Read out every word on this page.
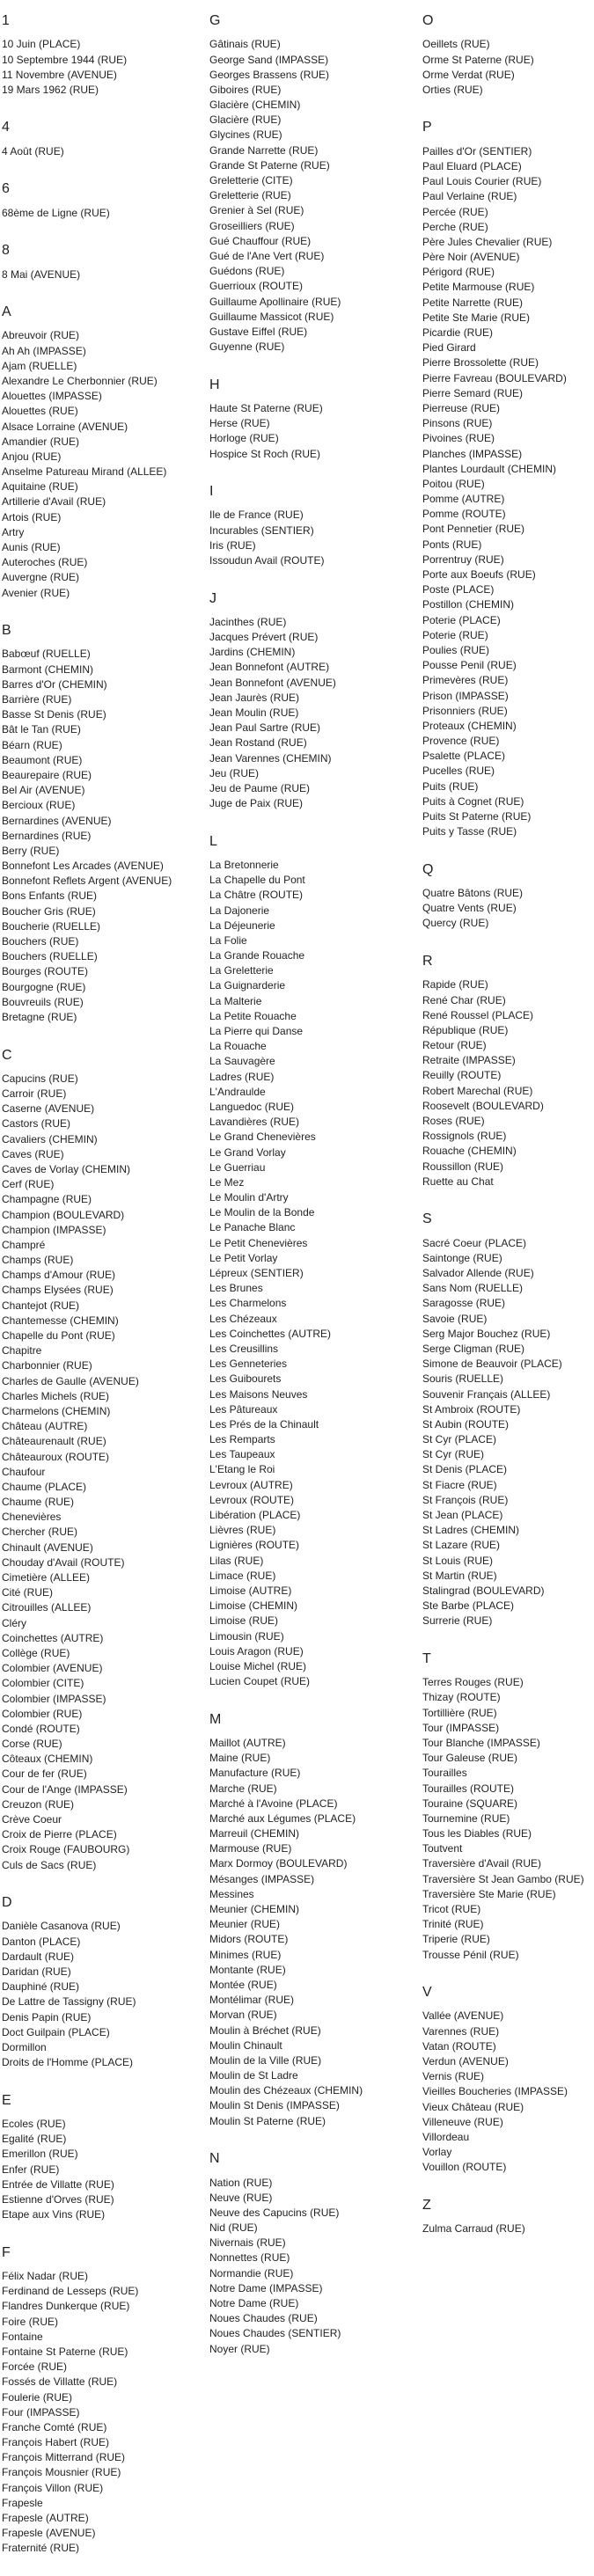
1
10 Juin (PLACE)
10 Septembre 1944 (RUE)
11 Novembre (AVENUE)
19 Mars 1962 (RUE)
4
4 Août (RUE)
6
68ème de Ligne (RUE)
8
8 Mai (AVENUE)
A
Abreuvoir (RUE)
Ah Ah (IMPASSE)
Ajam (RUELLE)
Alexandre Le Cherbonnier (RUE)
Alouettes (IMPASSE)
Alouettes (RUE)
Alsace Lorraine (AVENUE)
Amandier (RUE)
Anjou (RUE)
Anselme Patureau Mirand (ALLEE)
Aquitaine (RUE)
Artillerie d'Avail (RUE)
Artois (RUE)
Artry
Aunis (RUE)
Auteroches (RUE)
Auvergne (RUE)
Avenier (RUE)
B
Babœuf (RUELLE)
Barmont (CHEMIN)
Barres d'Or (CHEMIN)
Barrière (RUE)
Basse St Denis (RUE)
Bât le Tan (RUE)
Béarn (RUE)
Beaumont (RUE)
Beaurepaire (RUE)
Bel Air (AVENUE)
Bercioux (RUE)
Bernardines (AVENUE)
Bernardines (RUE)
Berry (RUE)
Bonnefont Les Arcades (AVENUE)
Bonnefont Reflets Argent (AVENUE)
Bons Enfants (RUE)
Boucher Gris (RUE)
Boucherie (RUELLE)
Bouchers (RUE)
Bouchers (RUELLE)
Bourges (ROUTE)
Bourgogne (RUE)
Bouvreuils (RUE)
Bretagne (RUE)
C
Capucins (RUE)
Carroir (RUE)
Caserne (AVENUE)
Castors (RUE)
Cavaliers (CHEMIN)
Caves (RUE)
Caves de Vorlay (CHEMIN)
Cerf (RUE)
Champagne (RUE)
Champion (BOULEVARD)
Champion (IMPASSE)
Champré
Champs (RUE)
Champs d'Amour (RUE)
Champs Elysées (RUE)
Chantejot (RUE)
Chantemesse (CHEMIN)
Chapelle du Pont (RUE)
Chapitre
Charbonnier (RUE)
Charles de Gaulle (AVENUE)
Charles Michels (RUE)
Charmelons (CHEMIN)
Château (AUTRE)
Châteaurenault (RUE)
Châteauroux (ROUTE)
Chaufour
Chaume (PLACE)
Chaume (RUE)
Chenevières
Chercher (RUE)
Chinault (AVENUE)
Chouday d'Avail (ROUTE)
Cimetière (ALLEE)
Cité (RUE)
Citrouilles (ALLEE)
Cléry
Coinchettes (AUTRE)
Collège (RUE)
Colombier (AVENUE)
Colombier (CITE)
Colombier (IMPASSE)
Colombier (RUE)
Condé (ROUTE)
Corse (RUE)
Côteaux (CHEMIN)
Cour de fer (RUE)
Cour de l'Ange (IMPASSE)
Creuzon (RUE)
Crève Coeur
Croix de Pierre (PLACE)
Croix Rouge (FAUBOURG)
Culs de Sacs (RUE)
D
Danièle Casanova (RUE)
Danton (PLACE)
Dardault (RUE)
Daridan (RUE)
Dauphiné (RUE)
De Lattre de Tassigny (RUE)
Denis Papin (RUE)
Doct Guilpain (PLACE)
Dormillon
Droits de l'Homme (PLACE)
E
Ecoles (RUE)
Egalité (RUE)
Emerillon (RUE)
Enfer (RUE)
Entrée de Villatte (RUE)
Estienne d'Orves (RUE)
Etape aux Vins (RUE)
F
Félix Nadar (RUE)
Ferdinand de Lesseps (RUE)
Flandres Dunkerque (RUE)
Foire (RUE)
Fontaine
Fontaine St Paterne (RUE)
Forcée (RUE)
Fossés de Villatte (RUE)
Foulerie (RUE)
Four (IMPASSE)
Franche Comté (RUE)
François Habert (RUE)
François Mitterrand (RUE)
François Mousnier (RUE)
François Villon (RUE)
Frapesle
Frapesle (AUTRE)
Frapesle (AVENUE)
Fraternité (RUE)
G
Gâtinais (RUE)
George Sand (IMPASSE)
Georges Brassens (RUE)
Giboires (RUE)
Glacière (CHEMIN)
Glacière (RUE)
Glycines (RUE)
Grande Narrette (RUE)
Grande St Paterne (RUE)
Greletterie (CITE)
Greletterie (RUE)
Grenier à Sel (RUE)
Groseilliers (RUE)
Gué Chauffour (RUE)
Gué de l'Ane Vert (RUE)
Guédons (RUE)
Guerrioux (ROUTE)
Guillaume Apollinaire (RUE)
Guillaume Massicot (RUE)
Gustave Eiffel (RUE)
Guyenne (RUE)
H
Haute St Paterne (RUE)
Herse (RUE)
Horloge (RUE)
Hospice St Roch (RUE)
I
Ile de France (RUE)
Incurables (SENTIER)
Iris (RUE)
Issoudun Avail (ROUTE)
J
Jacinthes (RUE)
Jacques Prévert (RUE)
Jardins (CHEMIN)
Jean Bonnefont (AUTRE)
Jean Bonnefont (AVENUE)
Jean Jaurès (RUE)
Jean Moulin (RUE)
Jean Paul Sartre (RUE)
Jean Rostand (RUE)
Jean Varennes (CHEMIN)
Jeu (RUE)
Jeu de Paume (RUE)
Juge de Paix (RUE)
L
La Bretonnerie
La Chapelle du Pont
La Châtre (ROUTE)
La Dajonerie
La Déjeunerie
La Folie
La Grande Rouache
La Greletterie
La Guignarderie
La Malterie
La Petite Rouache
La Pierre qui Danse
La Rouache
La Sauvagère
Ladres (RUE)
L'Andraulde
Languedoc (RUE)
Lavandières (RUE)
Le Grand Chenevières
Le Grand Vorlay
Le Guerriau
Le Mez
Le Moulin d'Artry
Le Moulin de la Bonde
Le Panache Blanc
Le Petit Chenevières
Le Petit Vorlay
Lépreux (SENTIER)
Les Brunes
Les Charmelons
Les Chézeaux
Les Coinchettes (AUTRE)
Les Creusillins
Les Genneteries
Les Guibourets
Les Maisons Neuves
Les Pâtureaux
Les Prés de la Chinault
Les Remparts
Les Taupeaux
L'Etang le Roi
Levroux (AUTRE)
Levroux (ROUTE)
Libération (PLACE)
Lièvres (RUE)
Lignières (ROUTE)
Lilas (RUE)
Limace (RUE)
Limoise (AUTRE)
Limoise (CHEMIN)
Limoise (RUE)
Limousin (RUE)
Louis Aragon (RUE)
Louise Michel (RUE)
Lucien Coupet (RUE)
M
Maillot (AUTRE)
Maine (RUE)
Manufacture (RUE)
Marche (RUE)
Marché à l'Avoine (PLACE)
Marché aux Légumes (PLACE)
Marreuil (CHEMIN)
Marmouse (RUE)
Marx Dormoy (BOULEVARD)
Mésanges (IMPASSE)
Messines
Meunier (CHEMIN)
Meunier (RUE)
Midors (ROUTE)
Minimes (RUE)
Montante (RUE)
Montée (RUE)
Montélimar (RUE)
Morvan (RUE)
Moulin à Bréchet (RUE)
Moulin Chinault
Moulin de la Ville (RUE)
Moulin de St Ladre
Moulin des Chézeaux (CHEMIN)
Moulin St Denis (IMPASSE)
Moulin St Paterne (RUE)
N
Nation (RUE)
Neuve (RUE)
Neuve des Capucins (RUE)
Nid (RUE)
Nivernais (RUE)
Nonnettes (RUE)
Normandie (RUE)
Notre Dame (IMPASSE)
Notre Dame (RUE)
Noues Chaudes (RUE)
Noues Chaudes (SENTIER)
Noyer (RUE)
O
Oeillets (RUE)
Orme St Paterne (RUE)
Orme Verdat (RUE)
Orties (RUE)
P
Pailles d'Or (SENTIER)
Paul Eluard (PLACE)
Paul Louis Courier (RUE)
Paul Verlaine (RUE)
Percée (RUE)
Perche (RUE)
Père Jules Chevalier (RUE)
Père Noir (AVENUE)
Périgord (RUE)
Petite Marmouse (RUE)
Petite Narrette (RUE)
Petite Ste Marie (RUE)
Picardie (RUE)
Pied Girard
Pierre Brossolette (RUE)
Pierre Favreau (BOULEVARD)
Pierre Semard (RUE)
Pierreuse (RUE)
Pinsons (RUE)
Pivoines (RUE)
Planches (IMPASSE)
Plantes Lourdault (CHEMIN)
Poitou (RUE)
Pomme (AUTRE)
Pomme (ROUTE)
Pont Pennetier (RUE)
Ponts (RUE)
Porrentruy (RUE)
Porte aux Boeufs (RUE)
Poste (PLACE)
Postillon (CHEMIN)
Poterie (PLACE)
Poterie (RUE)
Poulies (RUE)
Pousse Penil (RUE)
Primevères (RUE)
Prison (IMPASSE)
Prisonniers (RUE)
Proteaux (CHEMIN)
Provence (RUE)
Psalette (PLACE)
Pucelles (RUE)
Puits (RUE)
Puits à Cognet (RUE)
Puits St Paterne (RUE)
Puits y Tasse (RUE)
Q
Quatre Bâtons (RUE)
Quatre Vents (RUE)
Quercy (RUE)
R
Rapide (RUE)
René Char (RUE)
René Roussel (PLACE)
République (RUE)
Retour (RUE)
Retraite (IMPASSE)
Reuilly (ROUTE)
Robert Marechal (RUE)
Roosevelt (BOULEVARD)
Roses (RUE)
Rossignols (RUE)
Rouache (CHEMIN)
Roussillon (RUE)
Ruette au Chat
S
Sacré Coeur (PLACE)
Saintonge (RUE)
Salvador Allende (RUE)
Sans Nom (RUELLE)
Saragosse (RUE)
Savoie (RUE)
Serg Major Bouchez (RUE)
Serge Cligman (RUE)
Simone de Beauvoir (PLACE)
Souris (RUELLE)
Souvenir Français (ALLEE)
St Ambroix (ROUTE)
St Aubin (ROUTE)
St Cyr (PLACE)
St Cyr (RUE)
St Denis (PLACE)
St Fiacre (RUE)
St François (RUE)
St Jean (PLACE)
St Ladres (CHEMIN)
St Lazare (RUE)
St Louis (RUE)
St Martin (RUE)
Stalingrad (BOULEVARD)
Ste Barbe (PLACE)
Surrerie (RUE)
T
Terres Rouges (RUE)
Thizay (ROUTE)
Tortillière (RUE)
Tour (IMPASSE)
Tour Blanche (IMPASSE)
Tour Galeuse (RUE)
Tourailles
Tourailles (ROUTE)
Touraine (SQUARE)
Tournemine (RUE)
Tous les Diables (RUE)
Toutvent
Traversière d'Avail (RUE)
Traversière St Jean Gambo (RUE)
Traversière Ste Marie (RUE)
Tricot (RUE)
Trinité (RUE)
Triperie (RUE)
Trousse Pénil (RUE)
V
Vallée (AVENUE)
Varennes (RUE)
Vatan (ROUTE)
Verdun (AVENUE)
Vernis (RUE)
Vieilles Boucheries (IMPASSE)
Vieux Château (RUE)
Villeneuve (RUE)
Villordeau
Vorlay
Vouillon (ROUTE)
Z
Zulma Carraud (RUE)
